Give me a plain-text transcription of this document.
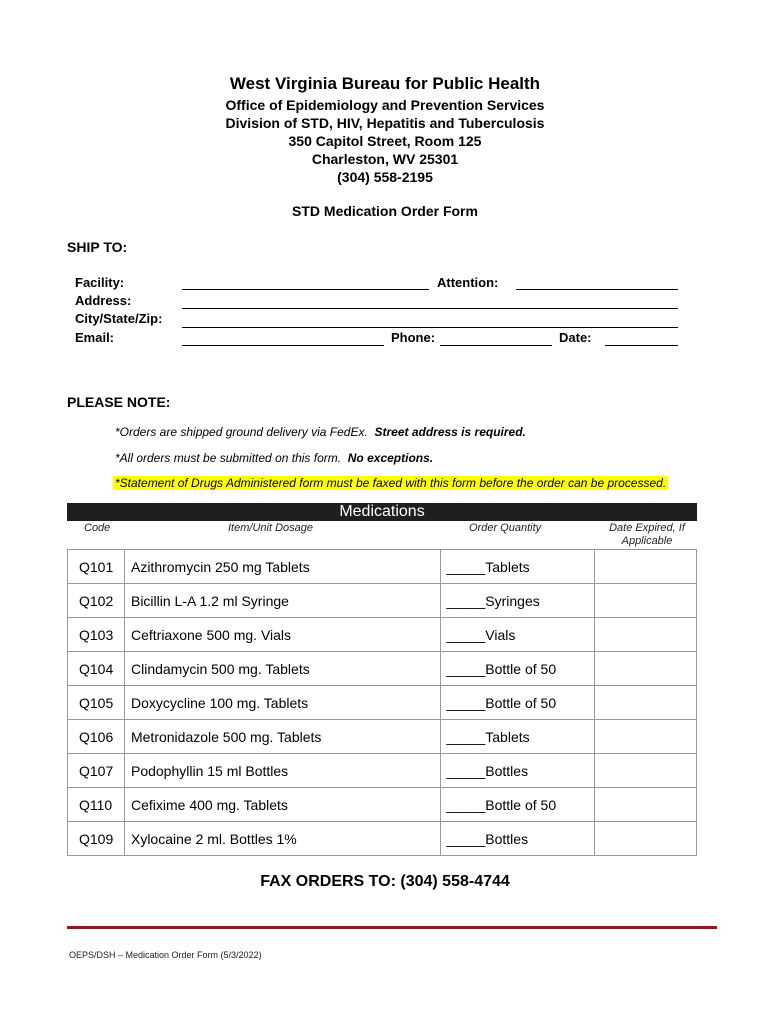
West Virginia Bureau for Public Health
Office of Epidemiology and Prevention Services
Division of STD, HIV, Hepatitis and Tuberculosis
350 Capitol Street, Room 125
Charleston, WV 25301
(304) 558-2195
STD Medication Order Form
SHIP TO:
Facility:
Address:
City/State/Zip:
Email:
Attention:
Phone:	Date:
PLEASE NOTE:
*Orders are shipped ground delivery via FedEx. Street address is required.
*All orders must be submitted on this form. No exceptions.
*Statement of Drugs Administered form must be faxed with this form before the order can be processed.
Medications
Code	Item/Unit Dosage	Order Quantity	Date Expired, If
Applicable
Q101	Azithromycin 250 mg Tablets	_____Tablets	
Q102	Bicillin L-A 1.2 ml Syringe	_____Syringes	
Q103	Ceftriaxone 500 mg. Vials	_____Vials	
Q104	Clindamycin 500 mg. Tablets	_____Bottle of 50	
Q105	Doxycycline 100 mg. Tablets	_____Bottle of 50	
Q106	Metronidazole 500 mg. Tablets	_____Tablets	
Q107	Podophyllin 15 ml Bottles	_____Bottles	
Q110	Cefixime 400 mg. Tablets	_____Bottle of 50	
Q109	Xylocaine 2 ml. Bottles 1%	_____Bottles	
FAX ORDERS TO: (304) 558-4744
OEPS/DSH – Medication Order Form (5/3/2022)
